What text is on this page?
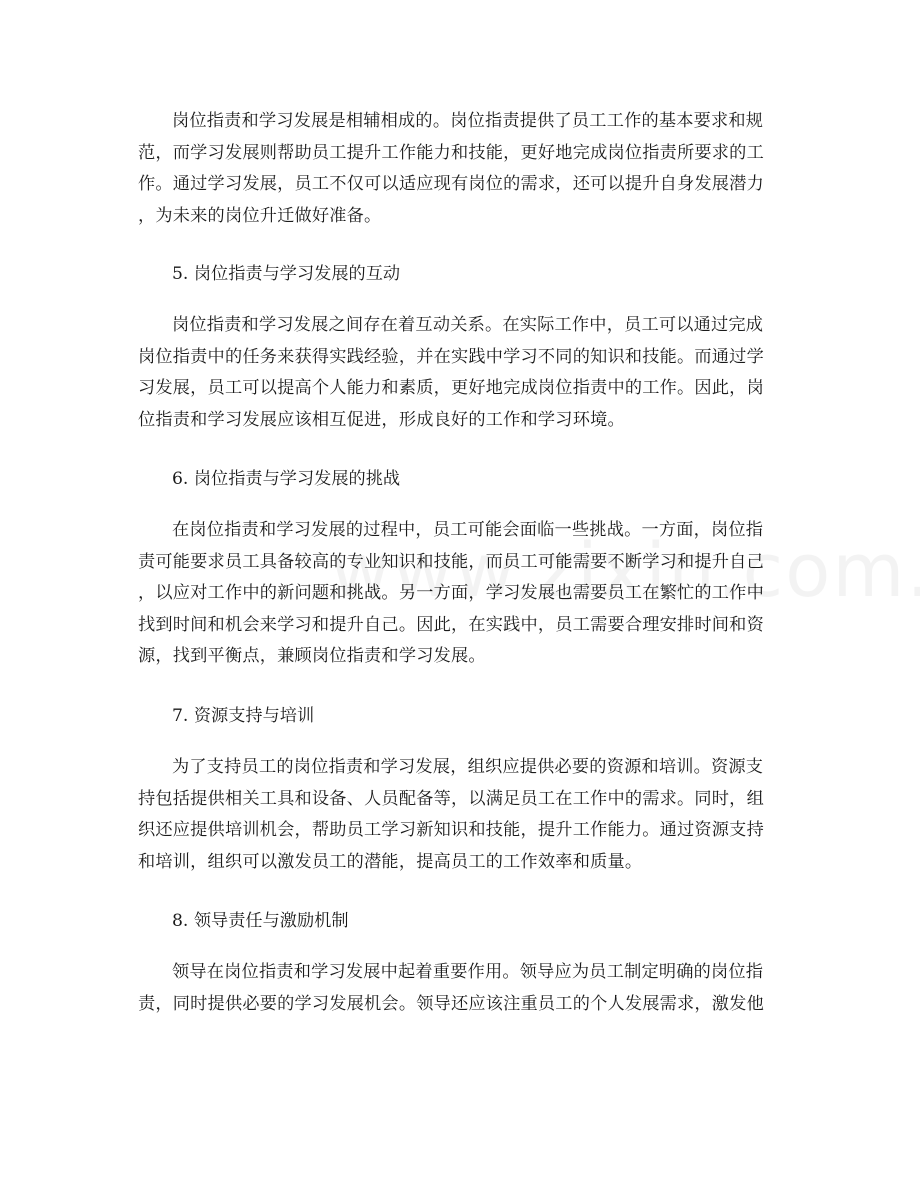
岗位指责和学习发展是相辅相成的。岗位指责提供了员工工作的基本要求和规
范，而学习发展则帮助员工提升工作能力和技能，更好地完成岗位指责所要求的工
作。通过学习发展，员工不仅可以适应现有岗位的需求，还可以提升自身发展潜力
，为未来的岗位升迁做好准备。
5. 岗位指责与学习发展的互动
岗位指责和学习发展之间存在着互动关系。在实际工作中，员工可以通过完成
岗位指责中的任务来获得实践经验，并在实践中学习不同的知识和技能。而通过学
习发展，员工可以提高个人能力和素质，更好地完成岗位指责中的工作。因此，岗
位指责和学习发展应该相互促进，形成良好的工作和学习环境。
6. 岗位指责与学习发展的挑战
在岗位指责和学习发展的过程中，员工可能会面临一些挑战。一方面，岗位指
责可能要求员工具备较高的专业知识和技能，而员工可能需要不断学习和提升自己
，以应对工作中的新问题和挑战。另一方面，学习发展也需要员工在繁忙的工作中
找到时间和机会来学习和提升自己。因此，在实践中，员工需要合理安排时间和资
源，找到平衡点，兼顾岗位指责和学习发展。
7. 资源支持与培训
为了支持员工的岗位指责和学习发展，组织应提供必要的资源和培训。资源支
持包括提供相关工具和设备、人员配备等，以满足员工在工作中的需求。同时，组
织还应提供培训机会，帮助员工学习新知识和技能，提升工作能力。通过资源支持
和培训，组织可以激发员工的潜能，提高员工的工作效率和质量。
8. 领导责任与激励机制
领导在岗位指责和学习发展中起着重要作用。领导应为员工制定明确的岗位指
责，同时提供必要的学习发展机会。领导还应该注重员工的个人发展需求，激发他
